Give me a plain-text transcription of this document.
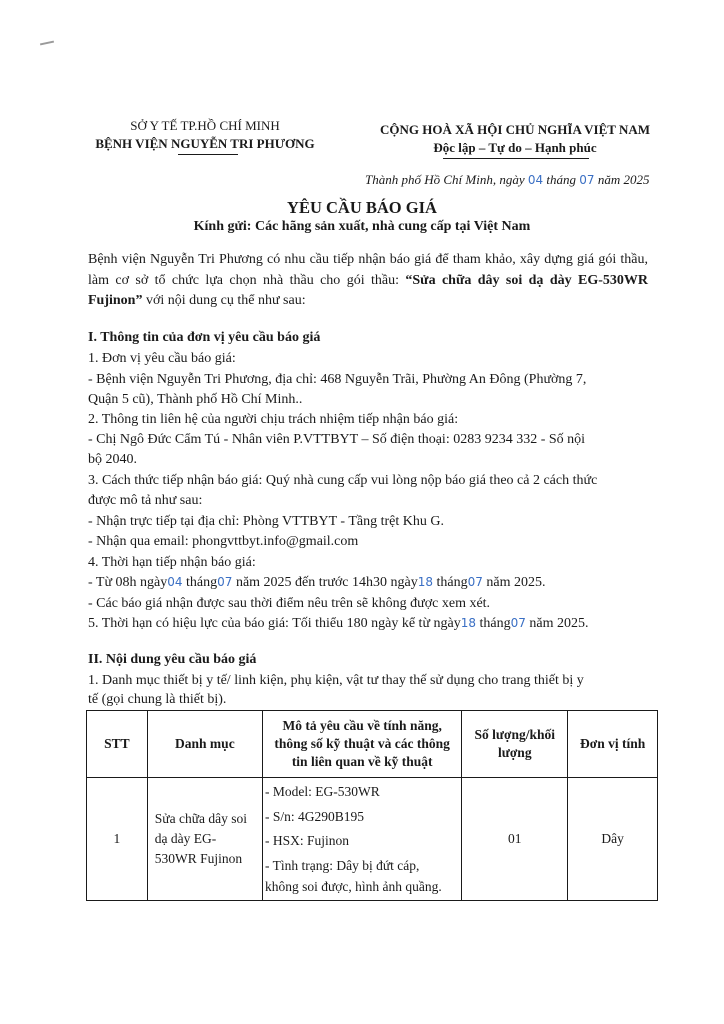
SỞ Y TẾ TP.HỒ CHÍ MINH
BỆNH VIỆN NGUYỄN TRI PHƯƠNG
CỘNG HOÀ XÃ HỘI CHỦ NGHĨA VIỆT NAM
Độc lập – Tự do – Hạnh phúc
Thành phố Hồ Chí Minh, ngày 04 tháng 07 năm 2025
YÊU CẦU BÁO GIÁ
Kính gửi: Các hãng sản xuất, nhà cung cấp tại Việt Nam
Bệnh viện Nguyễn Tri Phương có nhu cầu tiếp nhận báo giá để tham khảo, xây dựng giá gói thầu, làm cơ sở tổ chức lựa chọn nhà thầu cho gói thầu: “Sửa chữa dây soi dạ dày EG-530WR Fujinon” với nội dung cụ thể như sau:
I. Thông tin của đơn vị yêu cầu báo giá
1. Đơn vị yêu cầu báo giá:
- Bệnh viện Nguyễn Tri Phương, địa chỉ: 468 Nguyễn Trãi, Phường An Đông (Phường 7,
Quận 5 cũ), Thành phố Hồ Chí Minh..
2. Thông tin liên hệ của người chịu trách nhiệm tiếp nhận báo giá:
- Chị Ngô Đức Cẩm Tú - Nhân viên P.VTTBYT – Số điện thoại: 0283 9234 332 - Số nội
bộ 2040.
3. Cách thức tiếp nhận báo giá: Quý nhà cung cấp vui lòng nộp báo giá theo cả 2 cách thức
được mô tả như sau:
- Nhận trực tiếp tại địa chỉ: Phòng VTTBYT - Tầng trệt Khu G.
- Nhận qua email: phongvttbyt.info@gmail.com
4. Thời hạn tiếp nhận báo giá:
- Từ 08h ngày04 tháng07 năm 2025 đến trước 14h30 ngày18 tháng07 năm 2025.
- Các báo giá nhận được sau thời điểm nêu trên sẽ không được xem xét.
5. Thời hạn có hiệu lực của báo giá: Tối thiểu 180 ngày kể từ ngày18 tháng07 năm 2025.
II. Nội dung yêu cầu báo giá
1. Danh mục thiết bị y tế/ linh kiện, phụ kiện, vật tư thay thế sử dụng cho trang thiết bị y
tế (gọi chung là thiết bị).
STT	Danh mục	Mô tả yêu cầu về tính năng, thông số kỹ thuật và các thông tin liên quan về kỹ thuật	Số lượng/khối lượng	Đơn vị tính
1	Sửa chữa dây soi dạ dày EG-530WR Fujinon	- Model: EG-530WR
- S/n: 4G290B195
- HSX: Fujinon
- Tình trạng: Dây bị đứt cáp,
không soi được, hình ảnh quầng.	01	Dây
